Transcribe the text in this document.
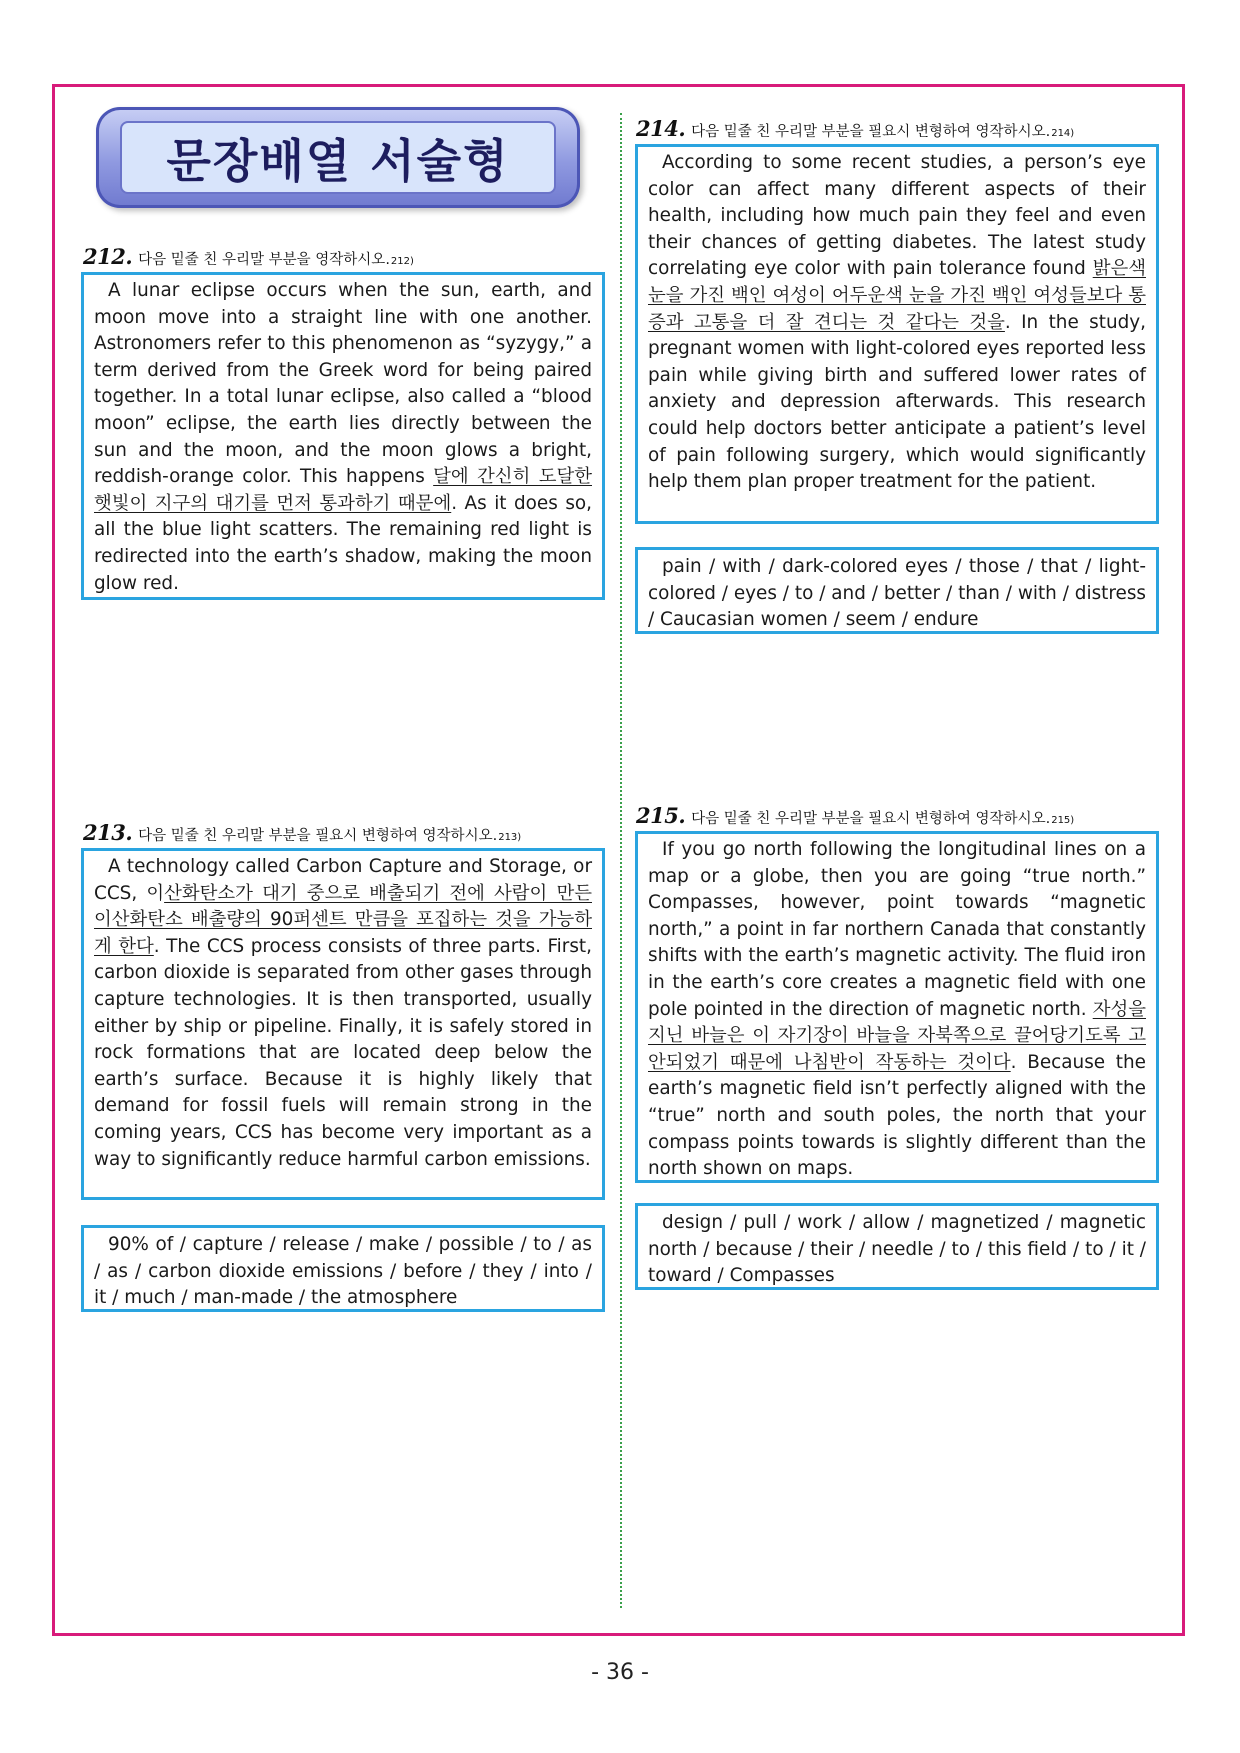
문장배열 서술형
212. 다음 밑줄 친 우리말 부분을 영작하시오. 212)

A lunar eclipse occurs when the sun, earth, and moon move into a straight line with one another. Astronomers refer to this phenomenon as “syzygy,” a term derived from the Greek word for being paired together. In a total lunar eclipse, also called a “blood moon” eclipse, the earth lies directly between the sun and the moon, and the moon glows a bright, reddish-orange color. This happens 달에 간신히 도달한 햇빛이 지구의 대기를 먼저 통과하기 때문에. As it does so, all the blue light scatters. The remaining red light is redirected into the earth’s shadow, making the moon glow red.

213. 다음 밑줄 친 우리말 부분을 필요시 변형하여 영작하시오. 213)

A technology called Carbon Capture and Storage, or CCS, 이산화탄소가 대기 중으로 배출되기 전에 사람이 만든 이산화탄소 배출량의 90퍼센트 만큼을 포집하는 것을 가능하게 한다. The CCS process consists of three parts. First, carbon dioxide is separated from other gases through capture technologies. It is then transported, usually either by ship or pipeline. Finally, it is safely stored in rock formations that are located deep below the earth’s surface. Because it is highly likely that demand for fossil fuels will remain strong in the coming years, CCS has become very important as a way to significantly reduce harmful carbon emissions.

90% of / capture / release / make / possible / to / as / as / carbon dioxide emissions / before / they / into / it / much / man-made / the atmosphere

214. 다음 밑줄 친 우리말 부분을 필요시 변형하여 영작하시오. 214)

According to some recent studies, a person’s eye color can affect many different aspects of their health, including how much pain they feel and even their chances of getting diabetes. The latest study correlating eye color with pain tolerance found 밝은색 눈을 가진 백인 여성이 어두운색 눈을 가진 백인 여성들보다 통증과 고통을 더 잘 견디는 것 같다는 것을. In the study, pregnant women with light-colored eyes reported less pain while giving birth and suffered lower rates of anxiety and depression afterwards. This research could help doctors better anticipate a patient’s level of pain following surgery, which would significantly help them plan proper treatment for the patient.

pain / with / dark-colored eyes / those / that / light-colored / eyes / to / and / better / than / with / distress / Caucasian women / seem / endure

215. 다음 밑줄 친 우리말 부분을 필요시 변형하여 영작하시오. 215)

If you go north following the longitudinal lines on a map or a globe, then you are going “true north.” Compasses, however, point towards “magnetic north,” a point in far northern Canada that constantly shifts with the earth’s magnetic activity. The fluid iron in the earth’s core creates a magnetic field with one pole pointed in the direction of magnetic north. 자성을 지닌 바늘은 이 자기장이 바늘을 자북쪽으로 끌어당기도록 고안되었기 때문에 나침반이 작동하는 것이다. Because the earth’s magnetic field isn’t perfectly aligned with the “true” north and south poles, the north that your compass points towards is slightly different than the north shown on maps.

design / pull / work / allow / magnetized / magnetic north / because / their / needle / to / this field / to / it / toward / Compasses

- 36 -
